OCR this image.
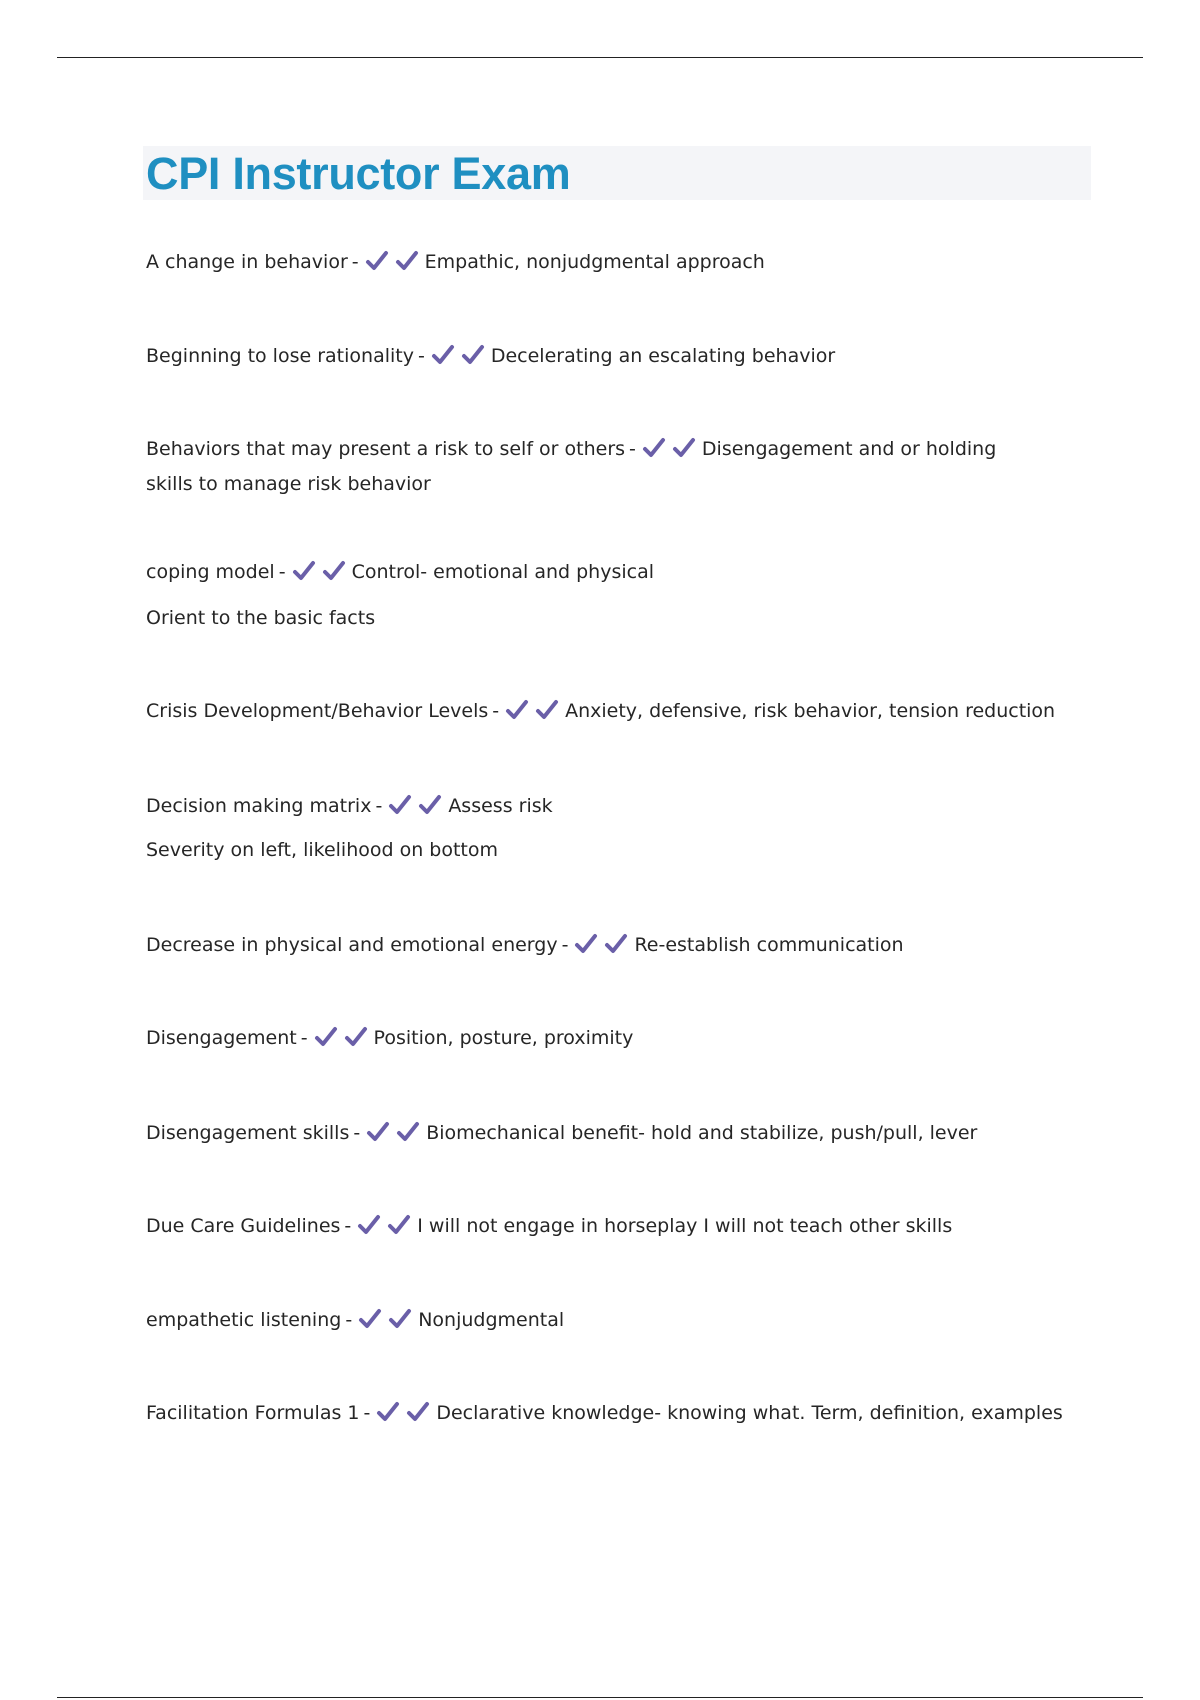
CPI Instructor Exam
A change in behavior -	Empathic, nonjudgmental approach
Beginning to lose rationality -	Decelerating an escalating behavior
Behaviors that may present a risk to self or others -	Disengagement and or holding skills to manage risk behavior
coping model -	Control- emotional and physical
Orient to the basic facts
Crisis Development/Behavior Levels -	Anxiety, defensive, risk behavior, tension reduction
Decision making matrix -	Assess risk
Severity on left, likelihood on bottom
Decrease in physical and emotional energy -	Re-establish communication
Disengagement -	Position, posture, proximity
Disengagement skills -	Biomechanical benefit- hold and stabilize, push/pull, lever
Due Care Guidelines -	I will not engage in horseplay I will not teach other skills
empathetic listening -	Nonjudgmental
Facilitation Formulas 1 -	Declarative knowledge- knowing what. Term, definition, examples
